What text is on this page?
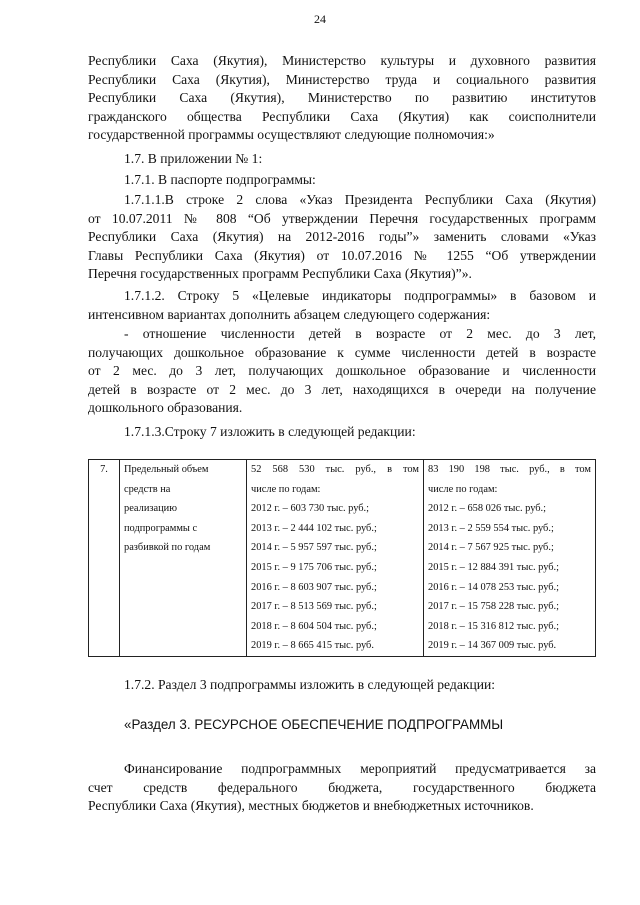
24
Республики Саха (Якутия), Министерство культуры и духовного развития
Республики Саха (Якутия), Министерство труда и социального развития
Республики Саха (Якутия), Министерство по развитию институтов
гражданского общества Республики Саха (Якутия) как соисполнители
государственной программы осуществляют следующие полномочия:»
1.7. В приложении № 1:
1.7.1. В паспорте подпрограммы:
1.7.1.1.В строке 2 слова «Указ Президента Республики Саха (Якутия)
от 10.07.2011 № 808 “Об утверждении Перечня государственных программ
Республики Саха (Якутия) на 2012-2016 годы”» заменить словами «Указ
Главы Республики Саха (Якутия) от 10.07.2016 № 1255 “Об утверждении
Перечня государственных программ Республики Саха (Якутия)”».
1.7.1.2. Строку 5 «Целевые индикаторы подпрограммы» в базовом и
интенсивном вариантах дополнить абзацем следующего содержания:
- отношение численности детей в возрасте от 2 мес. до 3 лет,
получающих дошкольное образование к сумме численности детей в возрасте
от 2 мес. до 3 лет, получающих дошкольное образование и численности
детей в возрасте от 2 мес. до 3 лет, находящихся в очереди на получение
дошкольного образования.
1.7.1.3.Строку 7 изложить в следующей редакции:
7.	Предельный объем
средств на
реализацию
подпрограммы с
разбивкой по годам

52 568 530 тыс. руб., в том
числе по годам:
2012 г. – 603 730 тыс. руб.;
2013 г. – 2 444 102 тыс. руб.;
2014 г. – 5 957 597 тыс. руб.;
2015 г. – 9 175 706 тыс. руб.;
2016 г. – 8 603 907 тыс. руб.;
2017 г. – 8 513 569 тыс. руб.;
2018 г. – 8 604 504 тыс. руб.;
2019 г. – 8 665 415 тыс. руб.

83 190 198 тыс. руб., в том
числе по годам:
2012 г. – 658 026 тыс. руб.;
2013 г. – 2 559 554 тыс. руб.;
2014 г. – 7 567 925 тыс. руб.;
2015 г. – 12 884 391 тыс. руб.;
2016 г. – 14 078 253 тыс. руб.;
2017 г. – 15 758 228 тыс. руб.;
2018 г. – 15 316 812 тыс. руб.;
2019 г. – 14 367 009 тыс. руб.
1.7.2. Раздел 3 подпрограммы изложить в следующей редакции:
«Раздел 3. РЕСУРСНОЕ ОБЕСПЕЧЕНИЕ ПОДПРОГРАММЫ
Финансирование подпрограммных мероприятий предусматривается за
счет средств федерального бюджета, государственного бюджета
Республики Саха (Якутия), местных бюджетов и внебюджетных источников.
